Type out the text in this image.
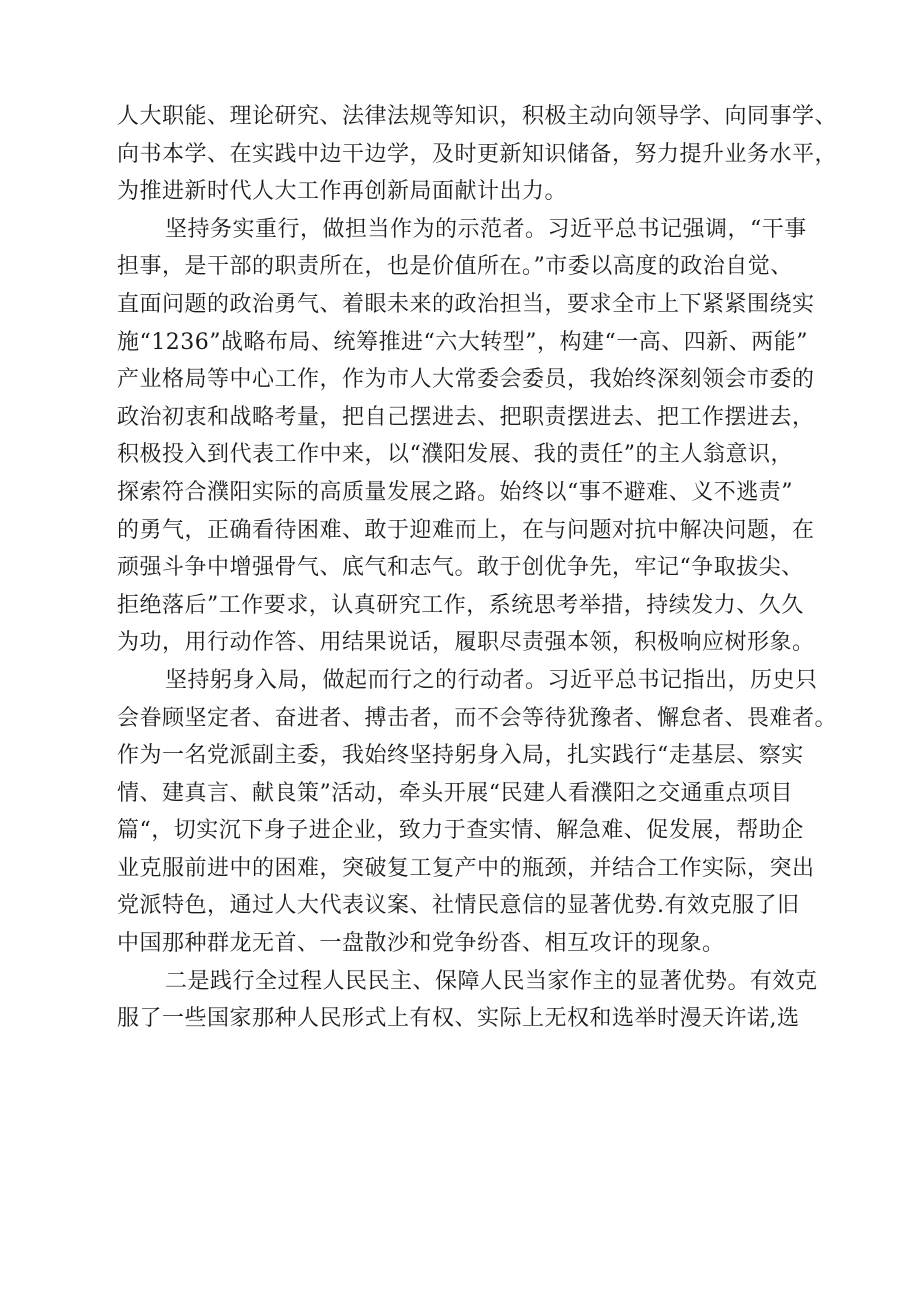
人大职能、理论研究、法律法规等知识，积极主动向领导学、向同事学、
向书本学、在实践中边干边学，及时更新知识储备，努力提升业务水平，
为推进新时代人大工作再创新局面献计出力。
坚持务实重行，做担当作为的示范者。习近平总书记强调，“干事
担事，是干部的职责所在，也是价值所在。”市委以高度的政治自觉、
直面问题的政治勇气、着眼未来的政治担当，要求全市上下紧紧围绕实
施“1236”战略布局、统筹推进“六大转型”，构建“一高、四新、两能”
产业格局等中心工作，作为市人大常委会委员，我始终深刻领会市委的
政治初衷和战略考量，把自己摆进去、把职责摆进去、把工作摆进去，
积极投入到代表工作中来，以“濮阳发展、我的责任”的主人翁意识，
探索符合濮阳实际的高质量发展之路。始终以“事不避难、义不逃责”
的勇气，正确看待困难、敢于迎难而上，在与问题对抗中解决问题，在
顽强斗争中增强骨气、底气和志气。敢于创优争先，牢记“争取拔尖、
拒绝落后”工作要求，认真研究工作，系统思考举措，持续发力、久久
为功，用行动作答、用结果说话，履职尽责强本领，积极响应树形象。
坚持躬身入局，做起而行之的行动者。习近平总书记指出，历史只
会眷顾坚定者、奋进者、搏击者，而不会等待犹豫者、懈怠者、畏难者。
作为一名党派副主委，我始终坚持躬身入局，扎实践行“走基层、察实
情、建真言、献良策”活动，牵头开展“民建人看濮阳之交通重点项目
篇“，切实沉下身子进企业，致力于查实情、解急难、促发展，帮助企
业克服前进中的困难，突破复工复产中的瓶颈，并结合工作实际，突出
党派特色，通过人大代表议案、社情民意信的显著优势.有效克服了旧
中国那种群龙无首、一盘散沙和党争纷沓、相互攻讦的现象。
二是践行全过程人民民主、保障人民当家作主的显著优势。有效克
服了一些国家那种人民形式上有权、实际上无权和选举时漫天许诺,选
